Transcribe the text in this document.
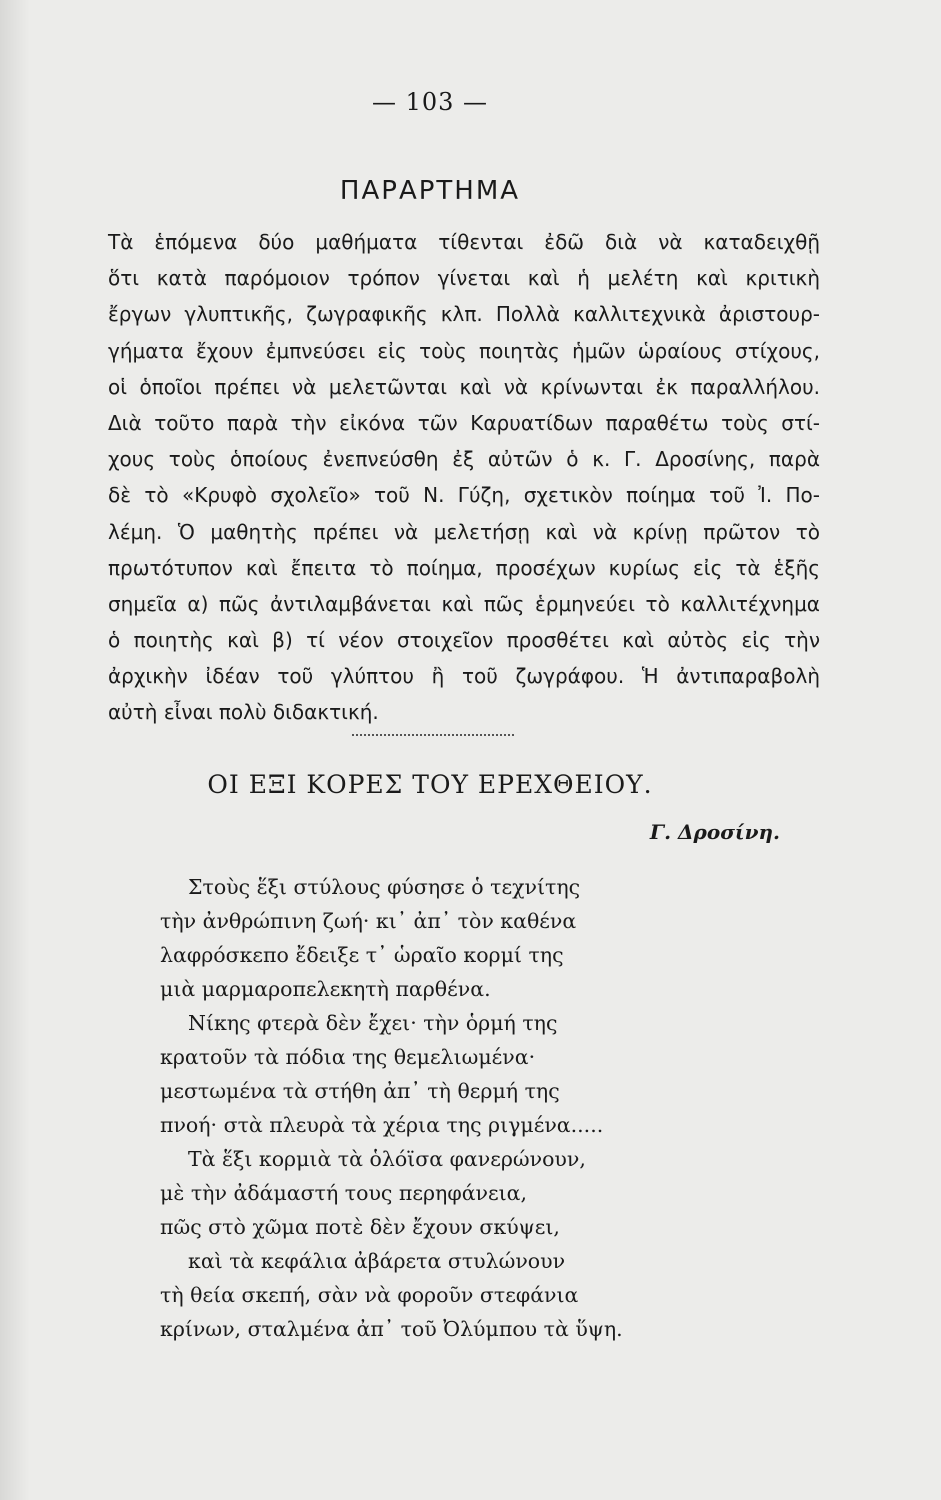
— 103 —
ΠΑΡΑΡΤΗΜΑ
Τὰ ἑπόμενα δύο μαθήματα τίθενται ἐδῶ διὰ νὰ καταδειχθῇ
ὅτι κατὰ παρόμοιον τρόπον γίνεται καὶ ἡ μελέτη καὶ κριτικὴ
ἔργων γλυπτικῆς, ζωγραφικῆς κλπ. Πολλὰ καλλιτεχνικὰ ἀριστουρ-
γήματα ἔχουν ἐμπνεύσει εἰς τοὺς ποιητὰς ἡμῶν ὡραίους στίχους,
οἱ ὁποῖοι πρέπει νὰ μελετῶνται καὶ νὰ κρίνωνται ἐκ παραλλήλου.
Διὰ τοῦτο παρὰ τὴν εἰκόνα τῶν Καρυατίδων παραθέτω τοὺς στί-
χους τοὺς ὁποίους ἐνεπνεύσθη ἐξ αὐτῶν ὁ κ. Γ. Δροσίνης, παρὰ
δὲ τὸ «Κρυφὸ σχολεῖο» τοῦ Ν. Γύζη, σχετικὸν ποίημα τοῦ Ἰ. Πο-
λέμη. Ὁ μαθητὴς πρέπει νὰ μελετήσῃ καὶ νὰ κρίνῃ πρῶτον τὸ
πρωτότυπον καὶ ἔπειτα τὸ ποίημα, προσέχων κυρίως εἰς τὰ ἑξῆς
σημεῖα α) πῶς ἀντιλαμβάνεται καὶ πῶς ἑρμηνεύει τὸ καλλιτέχνημα
ὁ ποιητὴς καὶ β) τί νέον στοιχεῖον προσθέτει καὶ αὐτὸς εἰς τὴν
ἀρχικὴν ἰδέαν τοῦ γλύπτου ἢ τοῦ ζωγράφου. Ἡ ἀντιπαραβολὴ
αὐτὴ εἶναι πολὺ διδακτική.
ΟΙ ΕΞΙ ΚΟΡΕΣ ΤΟΥ ΕΡΕΧΘΕΙΟΥ.
Γ. Δροσίνη.
Στοὺς ἕξι στύλους φύσησε ὁ τεχνίτης
τὴν ἀνθρώπινη ζωή· κι᾿ ἀπ᾿ τὸν καθένα
λαφρόσκεπο ἔδειξε τ᾿ ὡραῖο κορμί της
μιὰ μαρμαροπελεκητὴ παρθένα.
Νίκης φτερὰ δὲν ἔχει· τὴν ὁρμή της
κρατοῦν τὰ πόδια της θεμελιωμένα·
μεστωμένα τὰ στήθη ἀπ᾿ τὴ θερμή της
πνοή· στὰ πλευρὰ τὰ χέρια της ριγμένα.....
Τὰ ἕξι κορμιὰ τὰ ὁλόϊσα φανερώνουν,
μὲ τὴν ἀδάμαστή τους περηφάνεια,
πῶς στὸ χῶμα ποτὲ δὲν ἔχουν σκύψει,
καὶ τὰ κεφάλια ἀβάρετα στυλώνουν
τὴ θεία σκεπή, σὰν νὰ φοροῦν στεφάνια
κρίνων, σταλμένα ἀπ᾿ τοῦ Ὀλύμπου τὰ ὕψη.
